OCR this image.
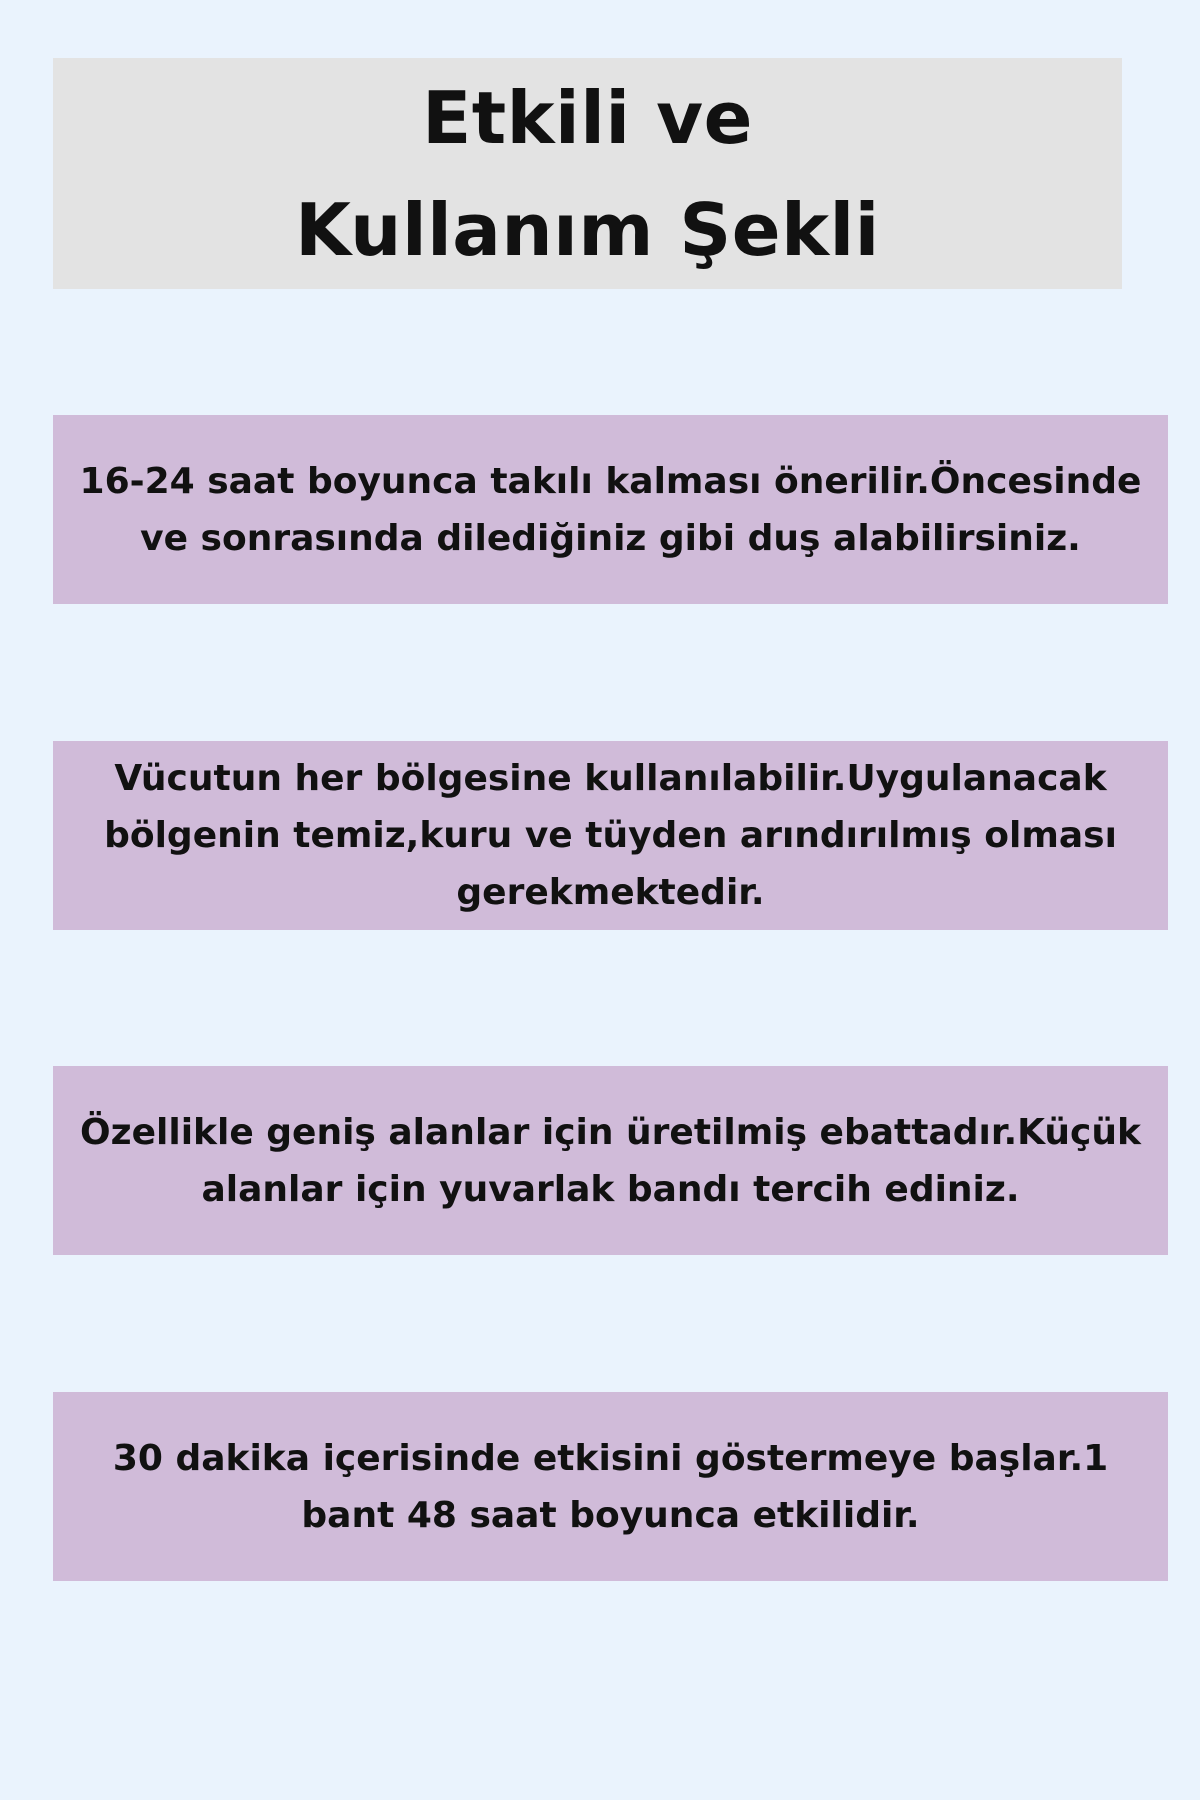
Etkili ve
Kullanım Şekli

16-24 saat boyunca takılı kalması önerilir.Öncesinde ve sonrasında dilediğiniz gibi duş alabilirsiniz.

Vücutun her bölgesine kullanılabilir.Uygulanacak bölgenin temiz,kuru ve tüyden arındırılmış olması gerekmektedir.

Özellikle geniş alanlar için üretilmiş ebattadır.Küçük alanlar için yuvarlak bandı tercih ediniz.

30 dakika içerisinde etkisini göstermeye başlar.1 bant 48 saat boyunca etkilidir.
